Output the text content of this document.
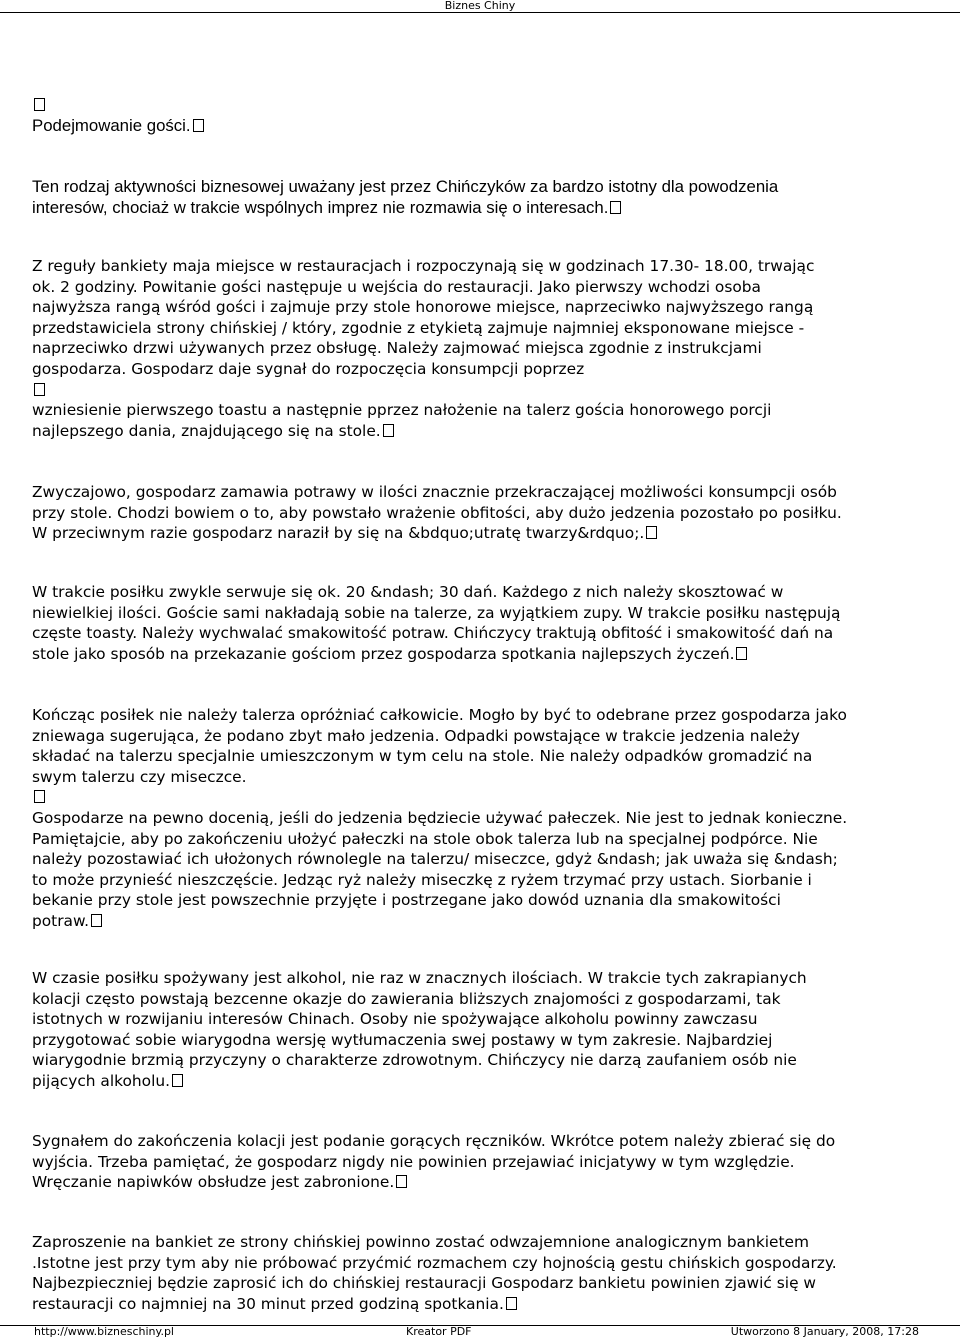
Biznes Chiny
Podejmowanie gości.
Ten rodzaj aktywności biznesowej uważany jest przez Chińczyków za bardzo istotny dla powodzenia
interesów, chociaż w trakcie wspólnych imprez nie rozmawia się o interesach.
Z reguły bankiety maja miejsce w restauracjach i rozpoczynają się w godzinach 17.30- 18.00, trwając
ok. 2 godziny. Powitanie gości następuje u wejścia do restauracji. Jako pierwszy wchodzi osoba
najwyższa rangą wśród gości i zajmuje przy stole honorowe miejsce, naprzeciwko najwyższego rangą
przedstawiciela strony chińskiej / który, zgodnie z etykietą zajmuje najmniej eksponowane miejsce -
naprzeciwko drzwi używanych przez obsługę. Należy zajmować miejsca zgodnie z instrukcjami
gospodarza. Gospodarz daje sygnał do rozpoczęcia konsumpcji poprzez
wzniesienie pierwszego toastu a następnie pprzez nałożenie na talerz gościa honorowego porcji
najlepszego dania, znajdującego się na stole.
Zwyczajowo, gospodarz zamawia potrawy w ilości znacznie przekraczającej możliwości konsumpcji osób
przy stole. Chodzi bowiem o to, aby powstało wrażenie obfitości, aby dużo jedzenia pozostało po posiłku.
W przeciwnym razie gospodarz naraził by się na &bdquo;utratę twarzy&rdquo;.
W trakcie posiłku zwykle serwuje się ok. 20 &ndash; 30 dań. Każdego z nich należy skosztować w
niewielkiej ilości. Goście sami nakładają sobie na talerze, za wyjątkiem zupy. W trakcie posiłku następują
częste toasty. Należy wychwalać smakowitość potraw. Chińczycy traktują obfitość i smakowitość dań na
stole jako sposób na przekazanie gościom przez gospodarza spotkania najlepszych życzeń.
Kończąc posiłek nie należy talerza opróżniać całkowicie. Mogło by być to odebrane przez gospodarza jako
zniewaga sugerująca, że podano zbyt mało jedzenia. Odpadki powstające w trakcie jedzenia należy
składać na talerzu specjalnie umieszczonym w tym celu na stole. Nie należy odpadków gromadzić na
swym talerzu czy miseczce.
Gospodarze na pewno docenią, jeśli do jedzenia będziecie używać pałeczek. Nie jest to jednak konieczne.
Pamiętajcie, aby po zakończeniu ułożyć pałeczki na stole obok talerza lub na specjalnej podpórce. Nie
należy pozostawiać ich ułożonych równolegle na talerzu/ miseczce, gdyż &ndash; jak uważa się &ndash;
to może przynieść nieszczęście. Jedząc ryż należy miseczkę z ryżem trzymać przy ustach. Siorbanie i
bekanie przy stole jest powszechnie przyjęte i postrzegane jako dowód uznania dla smakowitości
potraw.
W czasie posiłku spożywany jest alkohol, nie raz w znacznych ilościach. W trakcie tych zakrapianych
kolacji często powstają bezcenne okazje do zawierania bliższych znajomości z gospodarzami, tak
istotnych w rozwijaniu interesów Chinach. Osoby nie spożywające alkoholu powinny zawczasu
przygotować sobie wiarygodna wersję wytłumaczenia swej postawy w tym zakresie. Najbardziej
wiarygodnie brzmią przyczyny o charakterze zdrowotnym. Chińczycy nie darzą zaufaniem osób nie
pijących alkoholu.
Sygnałem do zakończenia kolacji jest podanie gorących ręczników. Wkrótce potem należy zbierać się do
wyjścia. Trzeba pamiętać, że gospodarz nigdy nie powinien przejawiać inicjatywy w tym względzie.
Wręczanie napiwków obsłudze jest zabronione.
Zaproszenie na bankiet ze strony chińskiej powinno zostać odwzajemnione analogicznym bankietem
.Istotne jest przy tym aby nie próbować przyćmić rozmachem czy hojnością gestu chińskich gospodarzy.
Najbezpieczniej będzie zaprosić ich do chińskiej restauracji Gospodarz bankietu powinien zjawić się w
restauracji co najmniej na 30 minut przed godziną spotkania.
http://www.bizneschiny.pl	Kreator PDF	Utworzono 8 January, 2008, 17:28
